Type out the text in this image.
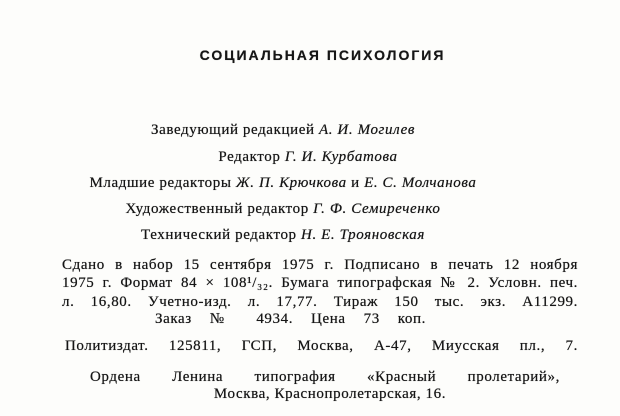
СОЦИАЛЬНАЯ ПСИХОЛОГИЯ
Заведующий редакцией А. И. Могилев
Редактор Г. И. Курбатова
Младшие редакторы Ж. П. Крючкова и Е. С. Молчанова
Художественный редактор Г. Ф. Семиреченко
Технический редактор Н. Е. Трояновская
Сдано в набор 15 сентября 1975 г. Подписано в печать 12 ноября
1975 г. Формат 84 × 108¹/₃₂. Бумага типографская № 2. Условн. печ.
л. 16,80. Учетно-изд. л. 17,77. Тираж 150 тыс. экз. А11299.
Заказ № 4934. Цена 73 коп.
Политиздат. 125811, ГСП, Москва, А-47, Миусская пл., 7.
Ордена Ленина типография «Красный пролетарий»,
Москва, Краснопролетарская, 16.
